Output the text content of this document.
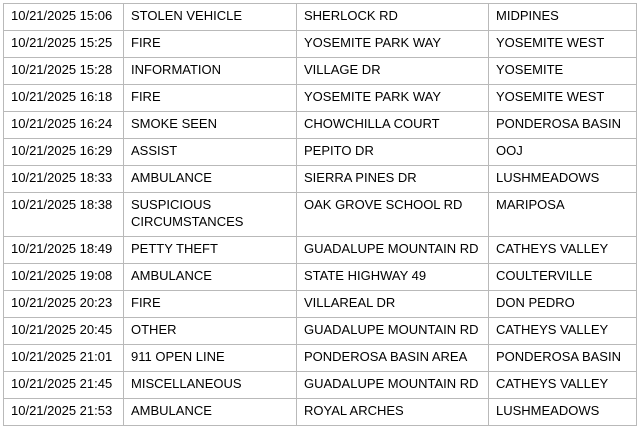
10/21/2025 15:06	STOLEN VEHICLE	SHERLOCK RD	MIDPINES
10/21/2025 15:25	FIRE	YOSEMITE PARK WAY	YOSEMITE WEST
10/21/2025 15:28	INFORMATION	VILLAGE DR	YOSEMITE
10/21/2025 16:18	FIRE	YOSEMITE PARK WAY	YOSEMITE WEST
10/21/2025 16:24	SMOKE SEEN	CHOWCHILLA COURT	PONDEROSA BASIN
10/21/2025 16:29	ASSIST	PEPITO DR	OOJ
10/21/2025 18:33	AMBULANCE	SIERRA PINES DR	LUSHMEADOWS
10/21/2025 18:38	SUSPICIOUS CIRCUMSTANCES	OAK GROVE SCHOOL RD	MARIPOSA
10/21/2025 18:49	PETTY THEFT	GUADALUPE MOUNTAIN RD	CATHEYS VALLEY
10/21/2025 19:08	AMBULANCE	STATE HIGHWAY 49	COULTERVILLE
10/21/2025 20:23	FIRE	VILLAREAL DR	DON PEDRO
10/21/2025 20:45	OTHER	GUADALUPE MOUNTAIN RD	CATHEYS VALLEY
10/21/2025 21:01	911 OPEN LINE	PONDEROSA BASIN AREA	PONDEROSA BASIN
10/21/2025 21:45	MISCELLANEOUS	GUADALUPE MOUNTAIN RD	CATHEYS VALLEY
10/21/2025 21:53	AMBULANCE	ROYAL ARCHES	LUSHMEADOWS
